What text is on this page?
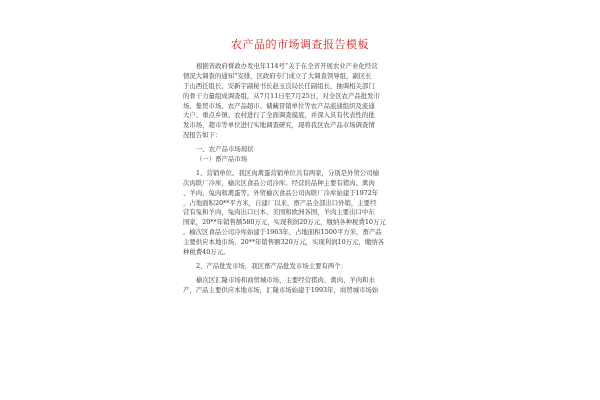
农产品的市场调查报告模板
根据省政府督政办发电年114号“关于在全省开展农业产业化经营
情况大调查的通知”安排，区政府专门成立了大调查领导组，副区长
于山西任组长，安新宇副秘书长赵玉良局长任副组长，抽调相关部门
的骨干力量组成调查组，从7月11日至7月25日，对全区农产品批发市
场、集贸市场、农产品超市、储藏冒销单位等农产品流通组织及流通
大户、重点乡镇、农村进行了全面调查摸底，并深入具有代表性的批
发市场，超市等单位进行实地调查研究，现将我区农产品市场调查情
况报告如下：
一、农产品市场现状
（一）畜产品市场
1、营销单位。我区肉禽蛋营销单位共有两家，分别是外贸公司榆
次肉联厂冷库，榆次区食品公司冷库。经营的品种主要有猪肉、禽肉
、羊肉、兔肉和禽蛋等。外贸榆次食品公司肉联厂冷库始建于1972年
，占地面积20**平方米，自建厂以来，畜产品全部出口外销，主要经
营有兔和羊肉，兔肉出口日本、美国和欧洲各国，羊肉主要出口中东
国家，20**年销售额580万元，实现利润20万元，缴纳各种税费10万元
。榆次区食品公司冷库始建于1963年，占地面积1500平方米，畜产品
主要供应本地市场，20**年销售额320万元，实现利润10万元，缴纳各
种税费40万元。
2、产品批发市场，我区畜产品批发市场主要有两个：
榆次区汇隆市场和商贸城市场，主要经营猪肉、禽肉、羊肉和水
产，产品主要供应本地市场，汇隆市场始建于1993年，商贸城市场始
